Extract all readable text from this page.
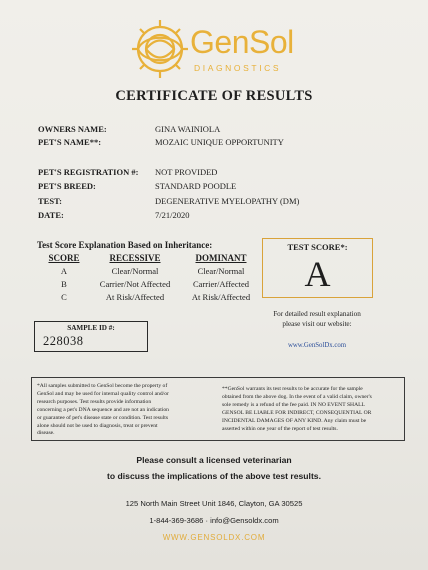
GenSol
DIAGNOSTICS
CERTIFICATE OF RESULTS
OWNERS NAME:	GINA WAINIOLA
PET'S NAME**:	MOZAIC UNIQUE OPPORTUNITY
PET'S REGISTRATION #: NOT PROVIDED
PET'S BREED:	STANDARD POODLE
TEST:	DEGENERATIVE MYELOPATHY (DM)
DATE:	7/21/2020
Test Score Explanation Based on Inheritance:
SCORE	RECESSIVE	DOMINANT
A	Clear/Normal	Clear/Normal
B	Carrier/Not Affected	Carrier/Affected
C	At Risk/Affected	At Risk/Affected
TEST SCORE*:
A
For detailed result explanation
please visit our website:
www.GenSolDx.com
SAMPLE ID #:
228038
*All samples submitted to GenSol become the property of
GenSol and may be used for internal quality control and/or
research purposes. Test results provide information
concerning a pet's DNA sequence and are not an indication
or guarantee of pet's disease state or condition. Test results
alone should not be used to diagnosis, treat or prevent
disease.
**GenSol warrants its test results to be accurate for the sample
obtained from the above dog. In the event of a valid claim, owner's
sole remedy is a refund of the fee paid. IN NO EVENT SHALL
GENSOL BE LIABLE FOR INDIRECT, CONSEQUENTIAL OR
INCIDENTAL DAMAGES OF ANY KIND. Any claim must be
asserted within one year of the report of test results.
Please consult a licensed veterinarian
to discuss the implications of the above test results.
125 North Main Street Unit 1846, Clayton, GA 30525
1-844-369-3686 · info@Gensoldx.com
WWW.GENSOLDX.COM
